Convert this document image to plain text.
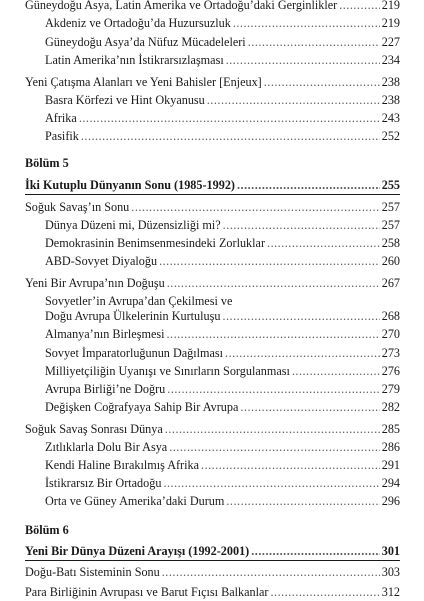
Güneydoğu Asya, Latin Amerika ve Ortadoğu’daki Gerginlikler .....	219
Akdeniz ve Ortadoğu’da Huzursuzluk .....	219
Güneydoğu Asya’da Nüfuz Mücadeleleri .....	227
Latin Amerika’nın İstikrarsızlaşması .....	234
Yeni Çatışma Alanları ve Yeni Bahisler [Enjeux] .....	238
Basra Körfezi ve Hint Okyanusu .....	238
Afrika .....	243
Pasifik .....	252
Bölüm 5
İki Kutuplu Dünyanın Sonu (1985-1992) .....	255
Soğuk Savaş’ın Sonu .....	257
Dünya Düzeni mi, Düzensizliği mi? .....	257
Demokrasinin Benimsenmesindeki Zorluklar .....	258
ABD-Sovyet Diyaloğu .....	260
Yeni Bir Avrupa’nın Doğuşu .....	267
Sovyetler’in Avrupa’dan Çekilmesi ve
Doğu Avrupa Ülkelerinin Kurtuluşu .....	268
Almanya’nın Birleşmesi .....	270
Sovyet İmparatorluğunun Dağılması .....	273
Milliyetçiliğin Uyanışı ve Sınırların Sorgulanması .....	276
Avrupa Birliği’ne Doğru .....	279
Değişken Coğrafyaya Sahip Bir Avrupa .....	282
Soğuk Savaş Sonrası Dünya .....	285
Zıtlıklarla Dolu Bir Asya .....	286
Kendi Haline Bırakılmış Afrika .....	291
İstikrarsız Bir Ortadoğu .....	294
Orta ve Güney Amerika’daki Durum .....	296
Bölüm 6
Yeni Bir Dünya Düzeni Arayışı (1992-2001) .....	301
Doğu-Batı Sisteminin Sonu .....	303
Para Birliğinin Avrupası ve Barut Fıçısı Balkanlar .....	312
